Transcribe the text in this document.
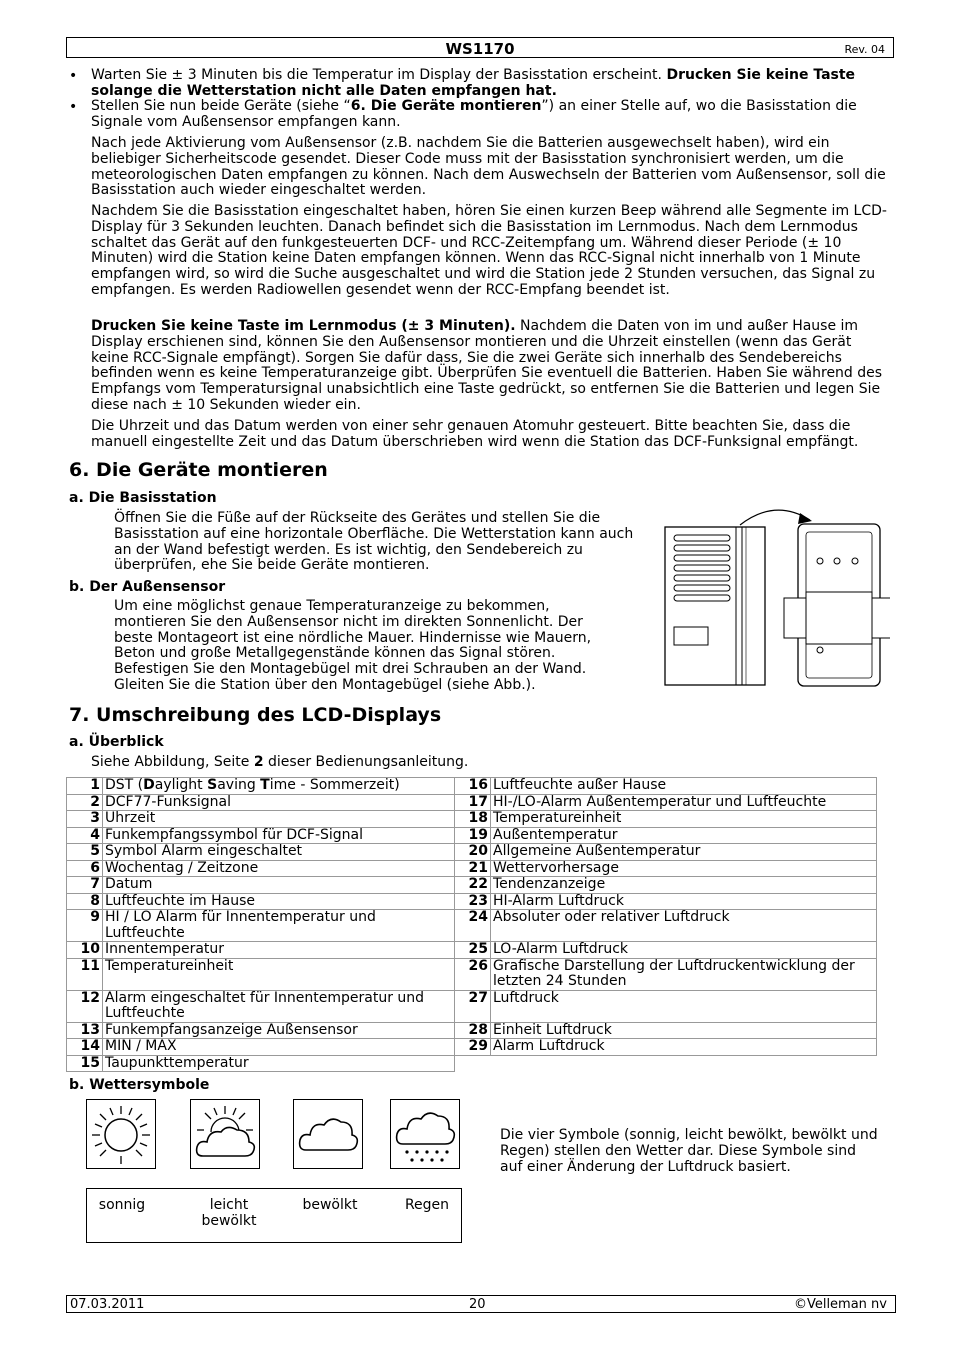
WS1170	Rev. 04
• Warten Sie ± 3 Minuten bis die Temperatur im Display der Basisstation erscheint. Drucken Sie keine Taste solange die Wetterstation nicht alle Daten empfangen hat.
• Stellen Sie nun beide Geräte (siehe “6. Die Geräte montieren”) an einer Stelle auf, wo die Basisstation die Signale vom Außensensor empfangen kann.
Nach jede Aktivierung vom Außensensor (z.B. nachdem Sie die Batterien ausgewechselt haben), wird ein beliebiger Sicherheitscode gesendet. Dieser Code muss mit der Basisstation synchronisiert werden, um die meteorologischen Daten empfangen zu können. Nach dem Auswechseln der Batterien vom Außensensor, soll die Basisstation auch wieder eingeschaltet werden.
Nachdem Sie die Basisstation eingeschaltet haben, hören Sie einen kurzen Beep während alle Segmente im LCD-Display für 3 Sekunden leuchten. Danach befindet sich die Basisstation im Lernmodus. Nach dem Lernmodus schaltet das Gerät auf den funkgesteuerten DCF- und RCC-Zeitempfang um. Während dieser Periode (± 10 Minuten) wird die Station keine Daten empfangen können. Wenn das RCC-Signal nicht innerhalb von 1 Minute empfangen wird, so wird die Suche ausgeschaltet und wird die Station jede 2 Stunden versuchen, das Signal zu empfangen. Es werden Radiowellen gesendet wenn der RCC-Empfang beendet ist.
Drucken Sie keine Taste im Lernmodus (± 3 Minuten). Nachdem die Daten von im und außer Hause im Display erschienen sind, können Sie den Außensensor montieren und die Uhrzeit einstellen (wenn das Gerät keine RCC-Signale empfängt). Sorgen Sie dafür dass, Sie die zwei Geräte sich innerhalb des Sendebereichs befinden wenn es keine Temperaturanzeige gibt. Überprüfen Sie eventuell die Batterien. Haben Sie während des Empfangs vom Temperatursignal unabsichtlich eine Taste gedrückt, so entfernen Sie die Batterien und legen Sie diese nach ± 10 Sekunden wieder ein.
Die Uhrzeit und das Datum werden von einer sehr genauen Atomuhr gesteuert. Bitte beachten Sie, dass die manuell eingestellte Zeit und das Datum überschrieben wird wenn die Station das DCF-Funksignal empfängt.
6. Die Geräte montieren
a. Die Basisstation
Öffnen Sie die Füße auf der Rückseite des Gerätes und stellen Sie die Basisstation auf eine horizontale Oberfläche. Die Wetterstation kann auch an der Wand befestigt werden. Es ist wichtig, den Sendebereich zu überprüfen, ehe Sie beide Geräte montieren.
b. Der Außensensor
Um eine möglichst genaue Temperaturanzeige zu bekommen, montieren Sie den Außensensor nicht im direkten Sonnenlicht. Der beste Montageort ist eine nördliche Mauer. Hindernisse wie Mauern, Beton und große Metallgegenstände können das Signal stören. Befestigen Sie den Montagebügel mit drei Schrauben an der Wand. Gleiten Sie die Station über den Montagebügel (siehe Abb.).
7. Umschreibung des LCD-Displays
a. Überblick
Siehe Abbildung, Seite 2 dieser Bedienungsanleitung.
1	DST (Daylight Saving Time - Sommerzeit)	16	Luftfeuchte außer Hause
2	DCF77-Funksignal	17	HI-/LO-Alarm Außentemperatur und Luftfeuchte
3	Uhrzeit	18	Temperatureinheit
4	Funkempfangssymbol für DCF-Signal	19	Außentemperatur
5	Symbol Alarm eingeschaltet	20	Allgemeine Außentemperatur
6	Wochentag / Zeitzone	21	Wettervorhersage
7	Datum	22	Tendenzanzeige
8	Luftfeuchte im Hause	23	HI-Alarm Luftdruck
9	HI / LO Alarm für Innentemperatur und Luftfeuchte	24	Absoluter oder relativer Luftdruck
10	Innentemperatur	25	LO-Alarm Luftdruck
11	Temperatureinheit	26	Grafische Darstellung der Luftdruckentwicklung der letzten 24 Stunden
12	Alarm eingeschaltet für Innentemperatur und Luftfeuchte	27	Luftdruck
13	Funkempfangsanzeige Außensensor	28	Einheit Luftdruck
14	MIN / MAX	29	Alarm Luftdruck
15	Taupunkttemperatur		
b. Wettersymbole
sonnig	leicht bewölkt
bewölkt	Regen
Die vier Symbole (sonnig, leicht bewölkt, bewölkt und Regen) stellen den Wetter dar. Diese Symbole sind auf einer Änderung der Luftdruck basiert.
07.03.2011	20	©Velleman nv
